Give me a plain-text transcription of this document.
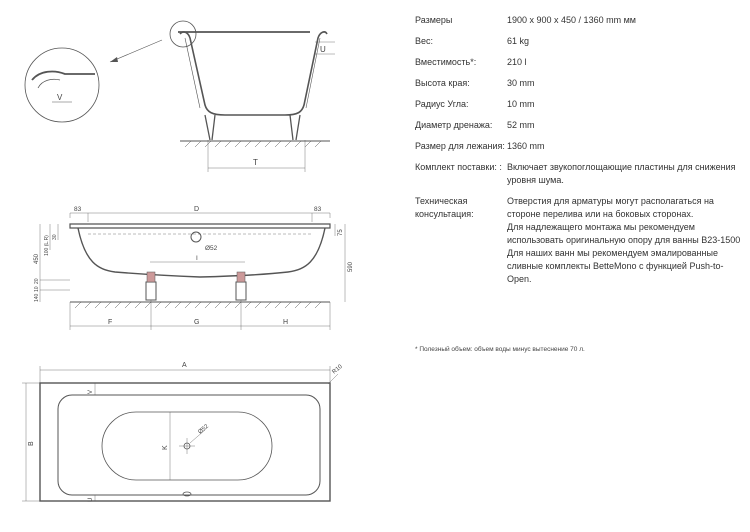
U
V
T
83	D	83
Ø52
I
450
100 (L.R) 30
140
20
10
75
590
F	G	H
A	R10
B
V
U
K
Ø52
Размеры	1900 x 900 x 450 / 1360 mm мм
Вес:	61 kg
Вместимость*:	210 l
Высота края:	30 mm
Радиус Угла:	10 mm
Диаметр дренажа:	52 mm
Размер для лежания: 1360 mm
Комплект поставки: : Включает звукопоглощающие пластины для снижения уровня шума.
Техническая консультация:

Отверстия для арматуры могут располагаться на стороне перелива или на боковых сторонах.

Для надлежащего монтажа мы рекомендуем использовать оригинальную опору для ванны B23-1500

Для наших ванн мы рекомендуем эмалированные сливные комплекты BetteMono с функцией Push-to-Open.

* Полезный объем: объем воды минус вытеснение 70 л.
